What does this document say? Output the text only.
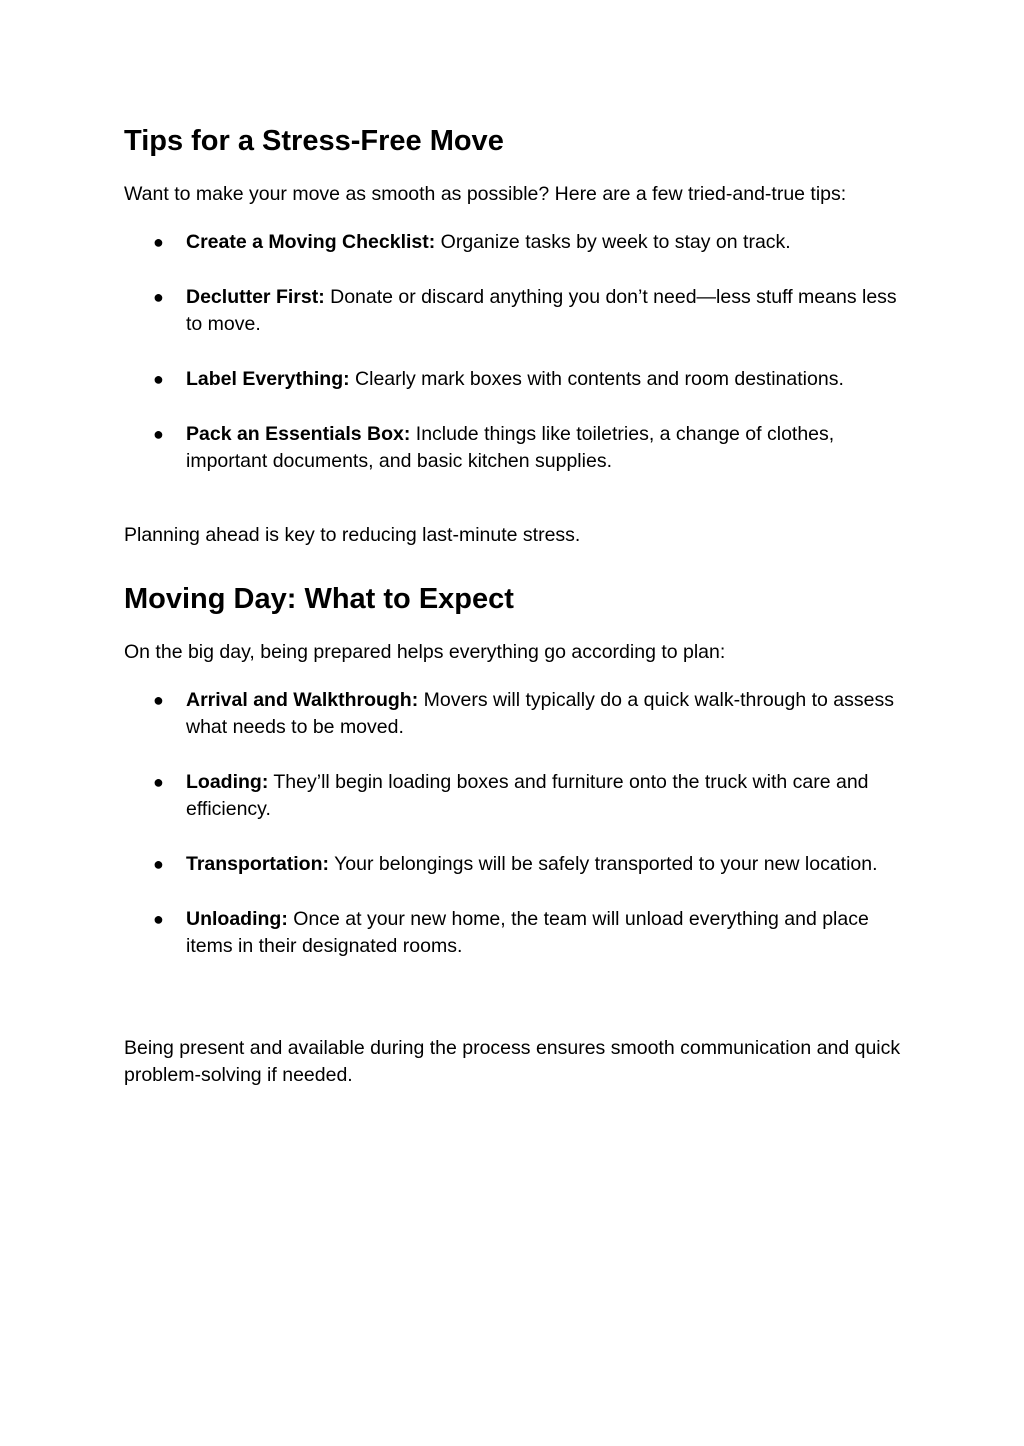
Tips for a Stress-Free Move

Want to make your move as smooth as possible? Here are a few tried-and-true tips:

● Create a Moving Checklist: Organize tasks by week to stay on track.
● Declutter First: Donate or discard anything you don’t need—less stuff means less to move.
● Label Everything: Clearly mark boxes with contents and room destinations.
● Pack an Essentials Box: Include things like toiletries, a change of clothes, important documents, and basic kitchen supplies.

Planning ahead is key to reducing last-minute stress.

Moving Day: What to Expect

On the big day, being prepared helps everything go according to plan:

● Arrival and Walkthrough: Movers will typically do a quick walk-through to assess what needs to be moved.
● Loading: They’ll begin loading boxes and furniture onto the truck with care and efficiency.
● Transportation: Your belongings will be safely transported to your new location.
● Unloading: Once at your new home, the team will unload everything and place items in their designated rooms.

Being present and available during the process ensures smooth communication and quick problem-solving if needed.
